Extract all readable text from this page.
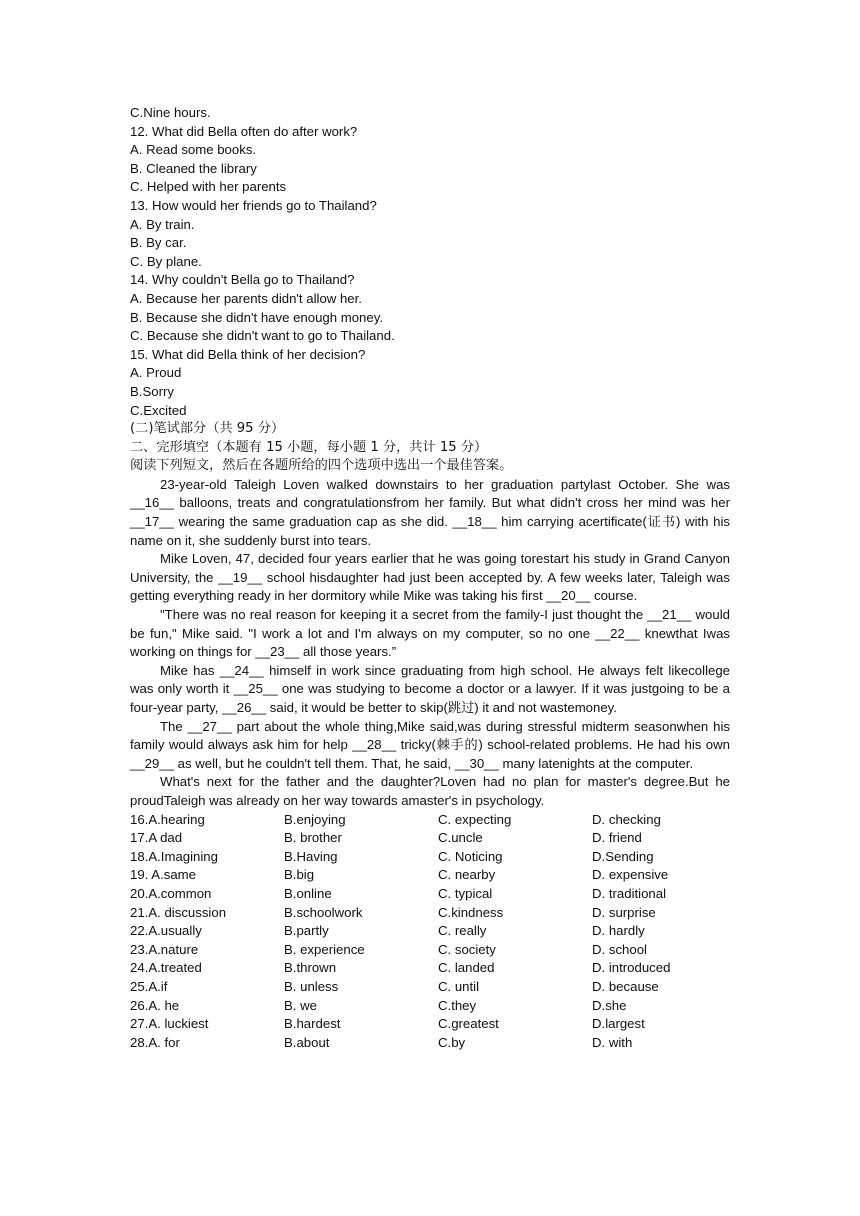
C.Nine hours.
12. What did Bella often do after work?
A. Read some books.
B. Cleaned the library
C. Helped with her parents
13. How would her friends go to Thailand?
A. By train.
B. By car.
C. By plane.
14. Why couldn't Bella go to Thailand?
A. Because her parents didn't allow her.
B. Because she didn't have enough money.
C. Because she didn't want to go to Thailand.
15. What did Bella think of her decision?
A. Proud
B.Sorry
C.Excited
(二)笔试部分（共 95 分）
二、完形填空（本题有 15 小题，每小题 1 分，共计 15 分）
阅读下列短文，然后在各题所给的四个选项中选出一个最佳答案。

23-year-old Taleigh Loven walked downstairs to her graduation partylast October. She was __16__ balloons, treats and congratulationsfrom her family. But what didn't cross her mind was her __17__ wearing the same graduation cap as she did. __18__ him carrying acertificate(证书) with his name on it, she suddenly burst into tears.

Mike Loven, 47, decided four years earlier that he was going torestart his study in Grand Canyon University, the __19__ school hisdaughter had just been accepted by. A few weeks later, Taleigh was getting everything ready in her dormitory while Mike was taking his first __20__ course.

"There was no real reason for keeping it a secret from the family-I just thought the __21__ would be fun," Mike said. "I work a lot and I'm always on my computer, so no one __22__ knewthat Iwas working on things for __23__ all those years.”

Mike has __24__ himself in work since graduating from high school. He always felt likecollege was only worth it __25__ one was studying to become a doctor or a lawyer. If it was justgoing to be a four-year party, __26__ said, it would be better to skip(跳过) it and not wastemoney.

The __27__ part about the whole thing,Mike said,was during stressful midterm seasonwhen his family would always ask him for help __28__ tricky(棘手的) school-related problems. He had his own __29__ as well, but he couldn't tell them. That, he said, __30__ many latenights at the computer.

What's next for the father and the daughter?Loven had no plan for master's degree.But he proudTaleigh was already on her way towards amaster's in psychology.

16.A.hearing	B.enjoying	C. expecting	D. checking
17.A dad	B. brother	C.uncle	D. friend
18.A.Imagining	B.Having	C. Noticing	D.Sending
19. A.same	B.big	C. nearby	D. expensive
20.A.common	B.online	C. typical	D. traditional
21.A. discussion	B.schoolwork	C.kindness	D. surprise
22.A.usually	B.partly	C. really	D. hardly
23.A.nature	B. experience	C. society	D. school
24.A.treated	B.thrown	C. landed	D. introduced
25.A.if	B. unless	C. until	D. because
26.A. he	B. we	C.they	D.she
27.A. luckiest	B.hardest	C.greatest	D.largest
28.A. for	B.about	C.by	D. with
